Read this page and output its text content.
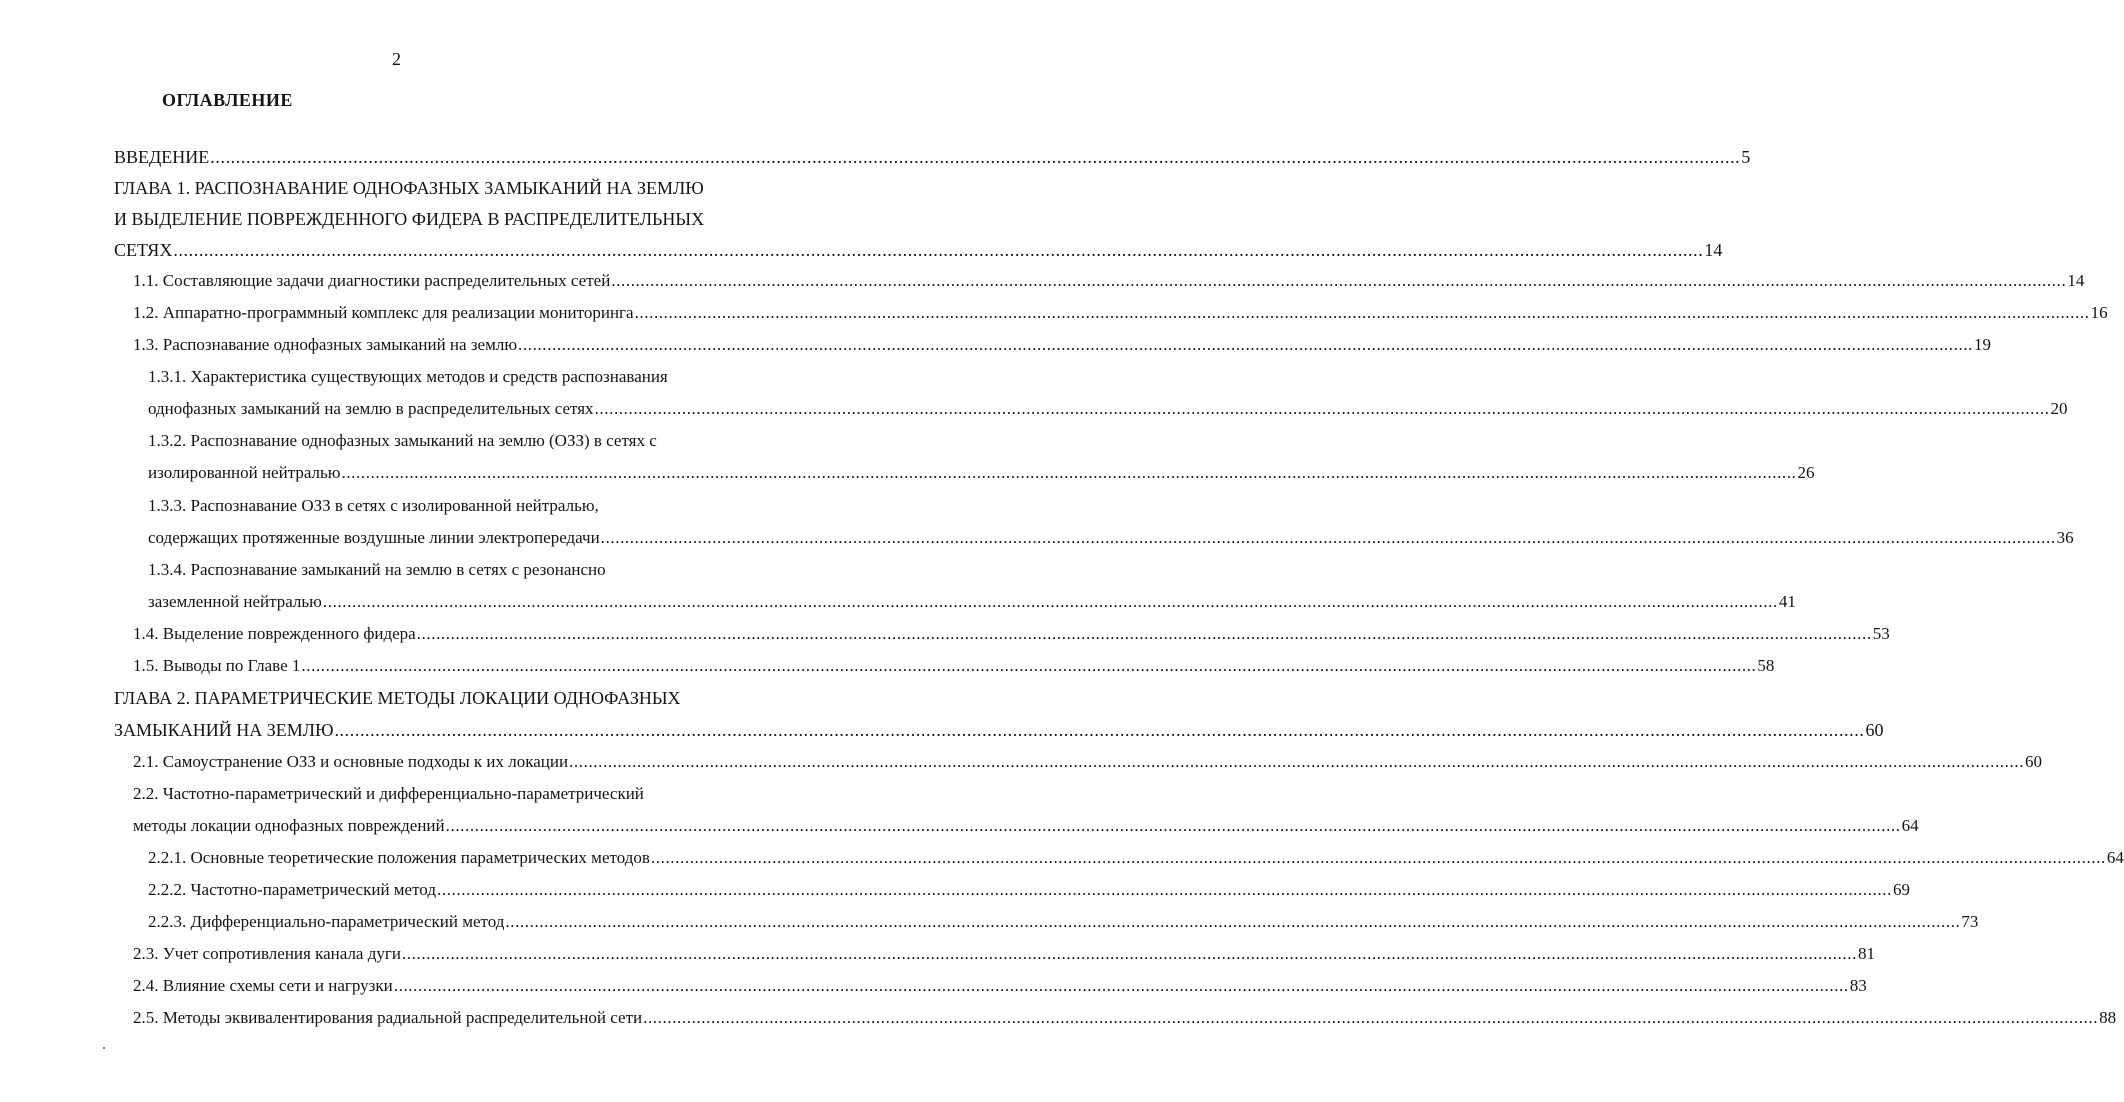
2
ОГЛАВЛЕНИЕ
ВВЕДЕНИЕ ............................................................................................................................................................................................................................................................................................................ 5
ГЛАВА 1. РАСПОЗНАВАНИЕ ОДНОФАЗНЫХ ЗАМЫКАНИЙ НА ЗЕМЛЮ
И ВЫДЕЛЕНИЕ ПОВРЕЖДЕННОГО ФИДЕРА В РАСПРЕДЕЛИТЕЛЬНЫХ
СЕТЯХ ............................................................................................................................................................................................................................................................................................................ 14
1.1. Составляющие задачи диагностики распределительных сетей ............................................................................................................................................................................................................................................................................................................ 14
1.2. Аппаратно-программный комплекс для реализации мониторинга ............................................................................................................................................................................................................................................................................................................ 16
1.3. Распознавание однофазных замыканий на землю ............................................................................................................................................................................................................................................................................................................ 19
1.3.1. Характеристика существующих методов и средств распознавания
однофазных замыканий на землю в распределительных сетях ............................................................................................................................................................................................................................................................................................................ 20
1.3.2. Распознавание однофазных замыканий на землю (ОЗЗ) в сетях с
изолированной нейтралью ............................................................................................................................................................................................................................................................................................................ 26
1.3.3. Распознавание ОЗЗ в сетях с изолированной нейтралью,
содержащих протяженные воздушные линии электропередачи ............................................................................................................................................................................................................................................................................................................ 36
1.3.4. Распознавание замыканий на землю в сетях с резонансно
заземленной нейтралью ............................................................................................................................................................................................................................................................................................................ 41
1.4. Выделение поврежденного фидера ............................................................................................................................................................................................................................................................................................................ 53
1.5. Выводы по Главе 1 ............................................................................................................................................................................................................................................................................................................ 58
ГЛАВА 2. ПАРАМЕТРИЧЕСКИЕ МЕТОДЫ ЛОКАЦИИ ОДНОФАЗНЫХ
ЗАМЫКАНИЙ НА ЗЕМЛЮ ............................................................................................................................................................................................................................................................................................................ 60
2.1. Самоустранение ОЗЗ и основные подходы к их локации ............................................................................................................................................................................................................................................................................................................ 60
2.2. Частотно-параметрический и дифференциально-параметрический
методы локации однофазных повреждений ............................................................................................................................................................................................................................................................................................................ 64
2.2.1. Основные теоретические положения параметрических методов ............................................................................................................................................................................................................................................................................................................ 64
2.2.2. Частотно-параметрический метод ............................................................................................................................................................................................................................................................................................................ 69
2.2.3. Дифференциально-параметрический метод ............................................................................................................................................................................................................................................................................................................ 73
2.3. Учет сопротивления канала дуги ............................................................................................................................................................................................................................................................................................................ 81
2.4. Влияние схемы сети и нагрузки ............................................................................................................................................................................................................................................................................................................ 83
2.5. Методы эквивалентирования радиальной распределительной сети ............................................................................................................................................................................................................................................................................................................ 88
